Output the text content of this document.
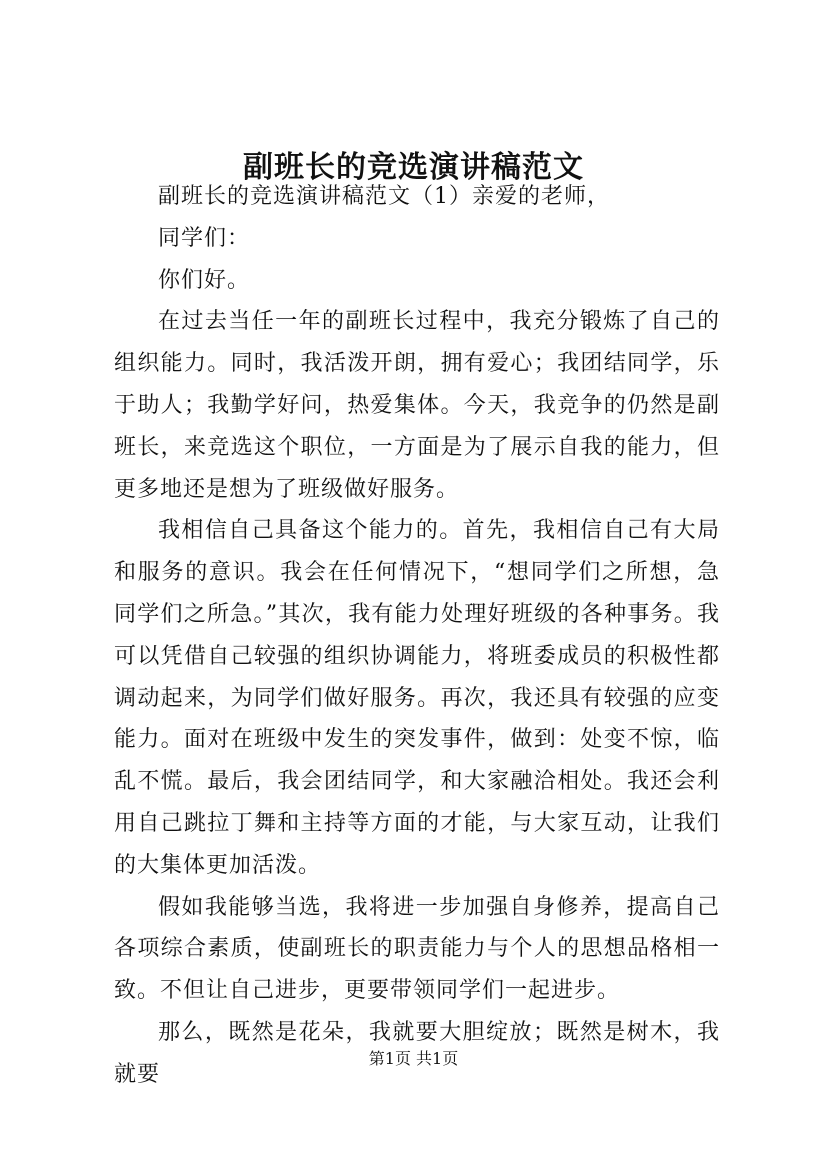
副班长的竞选演讲稿范文

副班长的竞选演讲稿范文（1）亲爱的老师，

同学们：

你们好。

在过去当任一年的副班长过程中，我充分锻炼了自己的组织能力。同时，我活泼开朗，拥有爱心；我团结同学，乐于助人；我勤学好问，热爱集体。今天，我竞争的仍然是副班长，来竞选这个职位，一方面是为了展示自我的能力，但更多地还是想为了班级做好服务。

我相信自己具备这个能力的。首先，我相信自己有大局和服务的意识。我会在任何情况下，“想同学们之所想，急同学们之所急。”其次，我有能力处理好班级的各种事务。我可以凭借自己较强的组织协调能力，将班委成员的积极性都调动起来，为同学们做好服务。再次，我还具有较强的应变能力。面对在班级中发生的突发事件，做到：处变不惊，临乱不慌。最后，我会团结同学，和大家融洽相处。我还会利用自己跳拉丁舞和主持等方面的才能，与大家互动，让我们的大集体更加活泼。

假如我能够当选，我将进一步加强自身修养，提高自己各项综合素质，使副班长的职责能力与个人的思想品格相一致。不但让自己进步，更要带领同学们一起进步。

那么，既然是花朵，我就要大胆绽放；既然是树木，我就要

第1页 共1页
